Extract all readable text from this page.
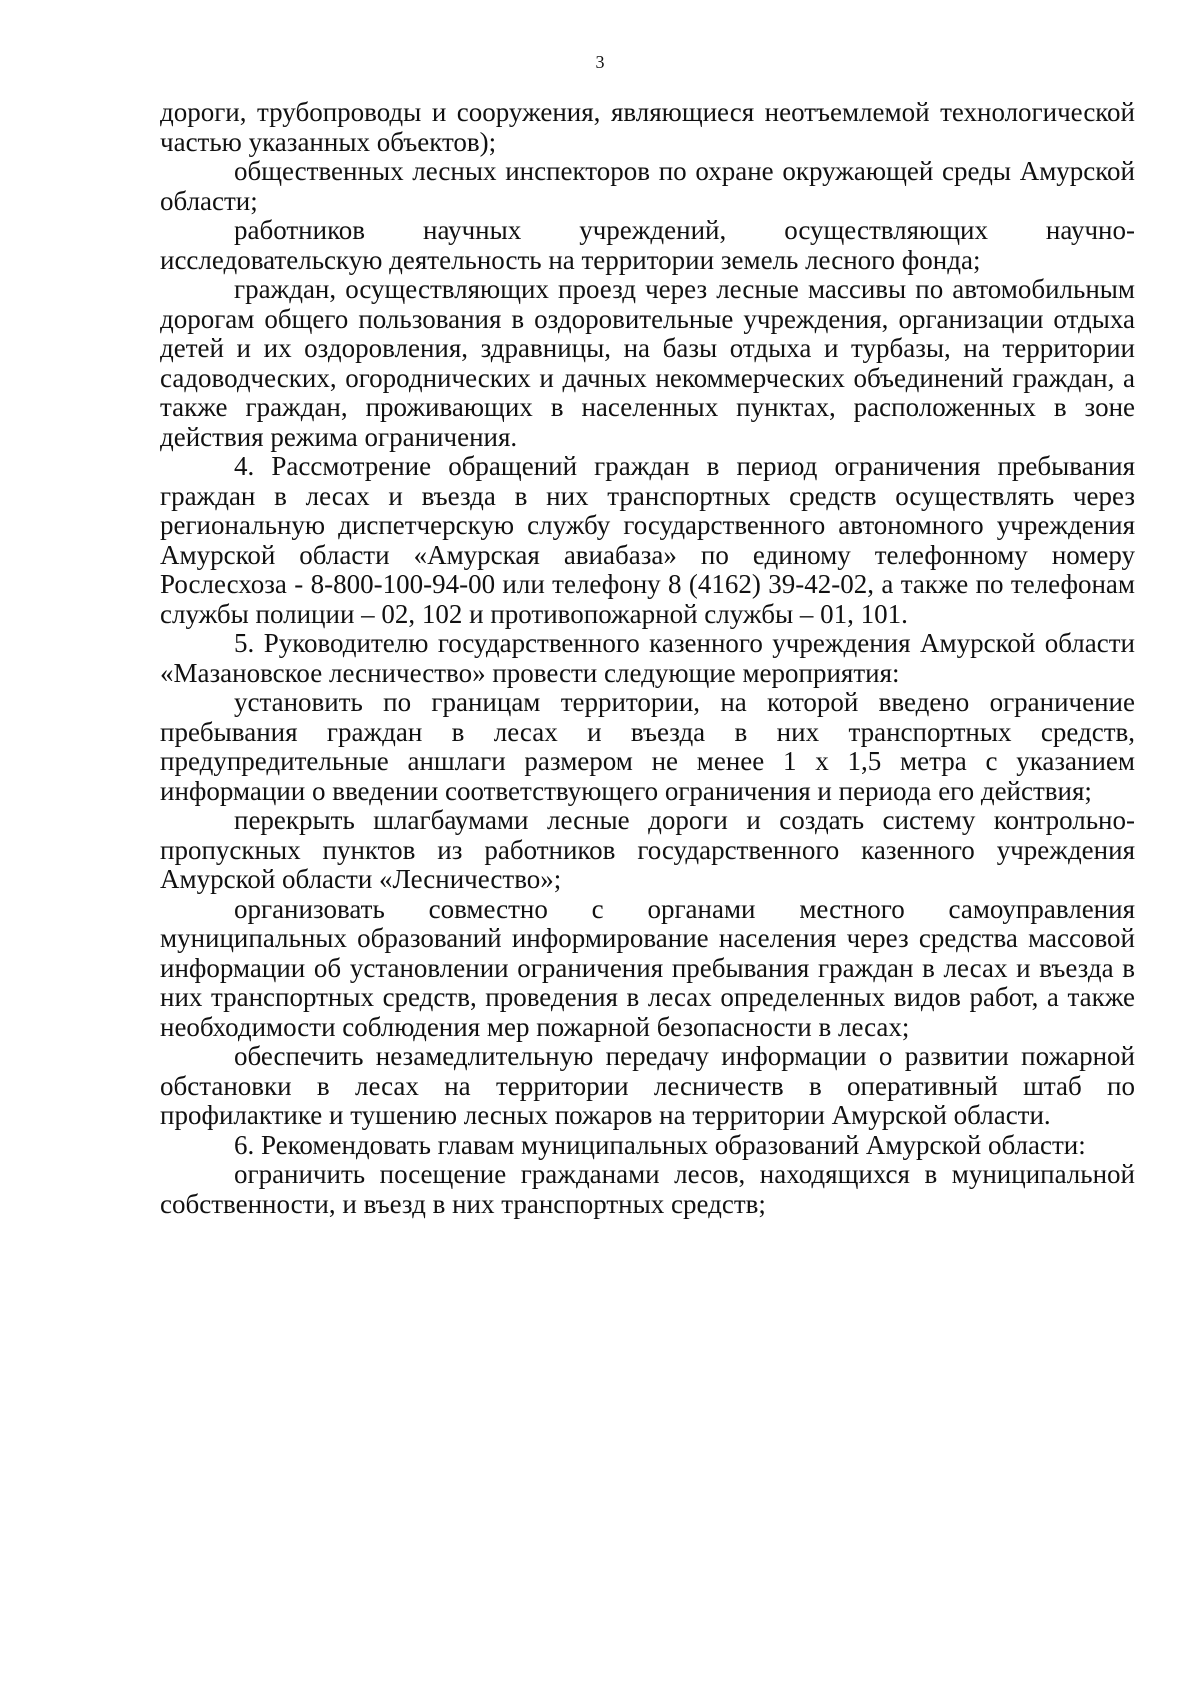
3

дороги, трубопроводы и сооружения, являющиеся неотъемлемой технологической частью указанных объектов);

общественных лесных инспекторов по охране окружающей среды Амурской области;

работников научных учреждений, осуществляющих научно-исследовательскую деятельность на территории земель лесного фонда;

граждан, осуществляющих проезд через лесные массивы по автомобильным дорогам общего пользования в оздоровительные учреждения, организации отдыха детей и их оздоровления, здравницы, на базы отдыха и турбазы, на территории садоводческих, огороднических и дачных некоммерческих объединений граждан, а также граждан, проживающих в населенных пунктах, расположенных в зоне действия режима ограничения.

4. Рассмотрение обращений граждан в период ограничения пребывания граждан в лесах и въезда в них транспортных средств осуществлять через региональную диспетчерскую службу государственного автономного учреждения Амурской области «Амурская авиабаза» по единому телефонному номеру Рослесхоза - 8-800-100-94-00 или телефону 8 (4162) 39-42-02, а также по телефонам службы полиции – 02, 102 и противопожарной службы – 01, 101.

5. Руководителю государственного казенного учреждения Амурской области «Мазановское лесничество» провести следующие мероприятия:

установить по границам территории, на которой введено ограничение пребывания граждан в лесах и въезда в них транспортных средств, предупредительные аншлаги размером не менее 1 х 1,5 метра с указанием информации о введении соответствующего ограничения и периода его действия;

перекрыть шлагбаумами лесные дороги и создать систему контрольно-пропускных пунктов из работников государственного казенного учреждения Амурской области «Лесничество»;

организовать совместно с органами местного самоуправления муниципальных образований информирование населения через средства массовой информации об установлении ограничения пребывания граждан в лесах и въезда в них транспортных средств, проведения в лесах определенных видов работ, а также необходимости соблюдения мер пожарной безопасности в лесах;

обеспечить незамедлительную передачу информации о развитии пожарной обстановки в лесах на территории лесничеств в оперативный штаб по профилактике и тушению лесных пожаров на территории Амурской области.

6. Рекомендовать главам муниципальных образований Амурской области:

ограничить посещение гражданами лесов, находящихся в муниципальной собственности, и въезд в них транспортных средств;
